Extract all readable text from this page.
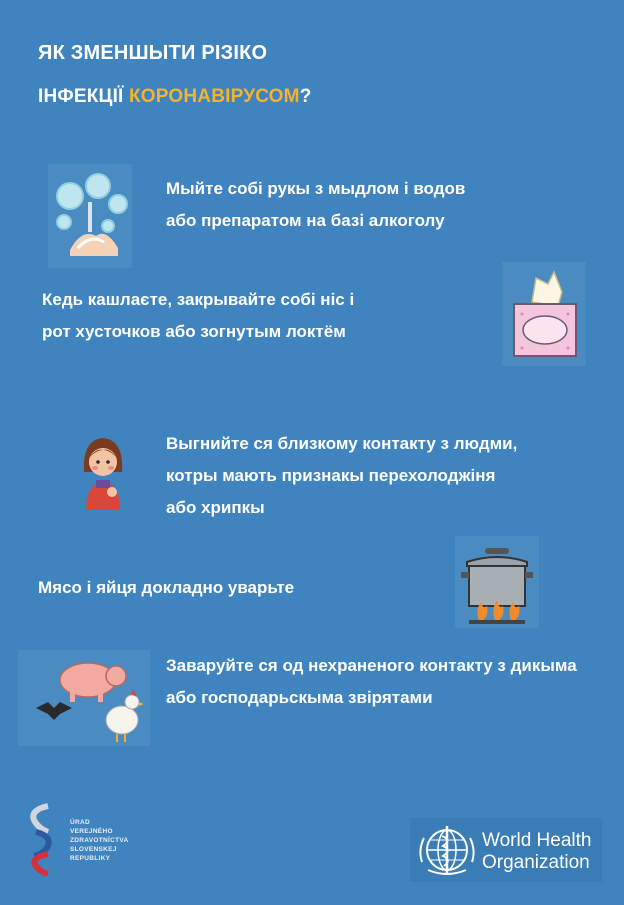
ЯК ЗМЕНШЫТИ РІЗІКО
ІНФЕКЦІЇ КОРОНАВІРУСОМ?
Мыйте собі рукы з мыдлом і водов
або препаратом на базі алкоголу
Кедь кашлаєте, закрывайте собі ніс і
рот хусточков або зогнутым локтём
Выгнийте ся близкому контакту з людми,
котры мають признакы перехолоджіня
або хрипкы
Мясо і яйця докладно уварьте
Заваруйте ся од нехраненого контакту з дикыма
або господарьскыма звірятами
ÚRAD
VEREJNÉHO
ZDRAVOTNÍCTVA
SLOVENSKEJ
REPUBLIKY
World Health
Organization
